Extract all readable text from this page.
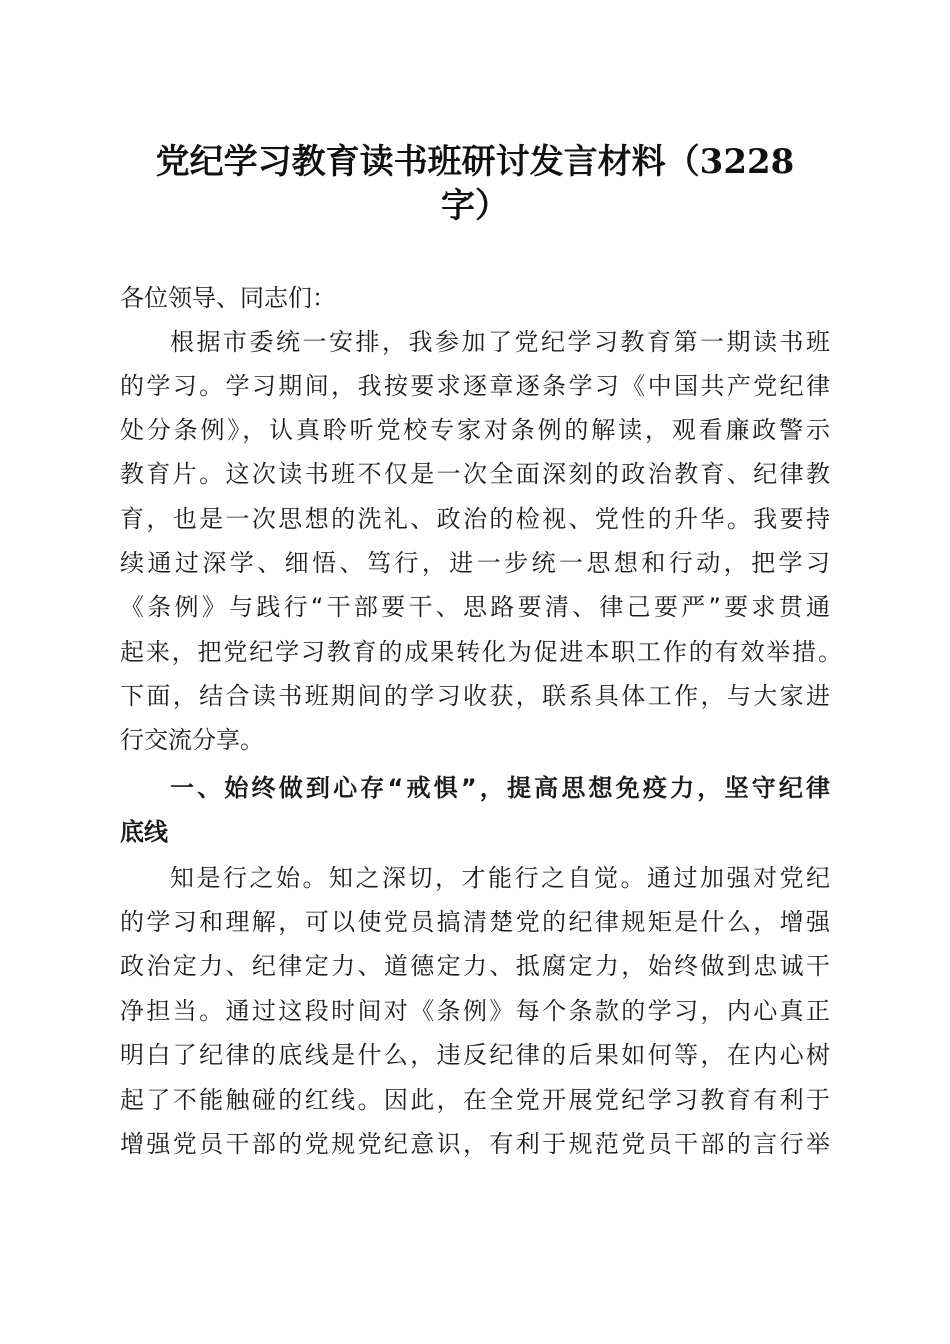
党纪学习教育读书班研讨发言材料（3228
字）
各位领导、同志们：
根据市委统一安排，我参加了党纪学习教育第一期读书班
的学习。学习期间，我按要求逐章逐条学习《中国共产党纪律
处分条例》，认真聆听党校专家对条例的解读，观看廉政警示
教育片。这次读书班不仅是一次全面深刻的政治教育、纪律教
育，也是一次思想的洗礼、政治的检视、党性的升华。我要持
续通过深学、细悟、笃行，进一步统一思想和行动，把学习
《条例》与践行“干部要干、思路要清、律己要严”要求贯通
起来，把党纪学习教育的成果转化为促进本职工作的有效举措。
下面，结合读书班期间的学习收获，联系具体工作，与大家进
行交流分享。
一、始终做到心存“戒惧”，提高思想免疫力，坚守纪律
底线
知是行之始。知之深切，才能行之自觉。通过加强对党纪
的学习和理解，可以使党员搞清楚党的纪律规矩是什么，增强
政治定力、纪律定力、道德定力、抵腐定力，始终做到忠诚干
净担当。通过这段时间对《条例》每个条款的学习，内心真正
明白了纪律的底线是什么，违反纪律的后果如何等，在内心树
起了不能触碰的红线。因此，在全党开展党纪学习教育有利于
增强党员干部的党规党纪意识，有利于规范党员干部的言行举
